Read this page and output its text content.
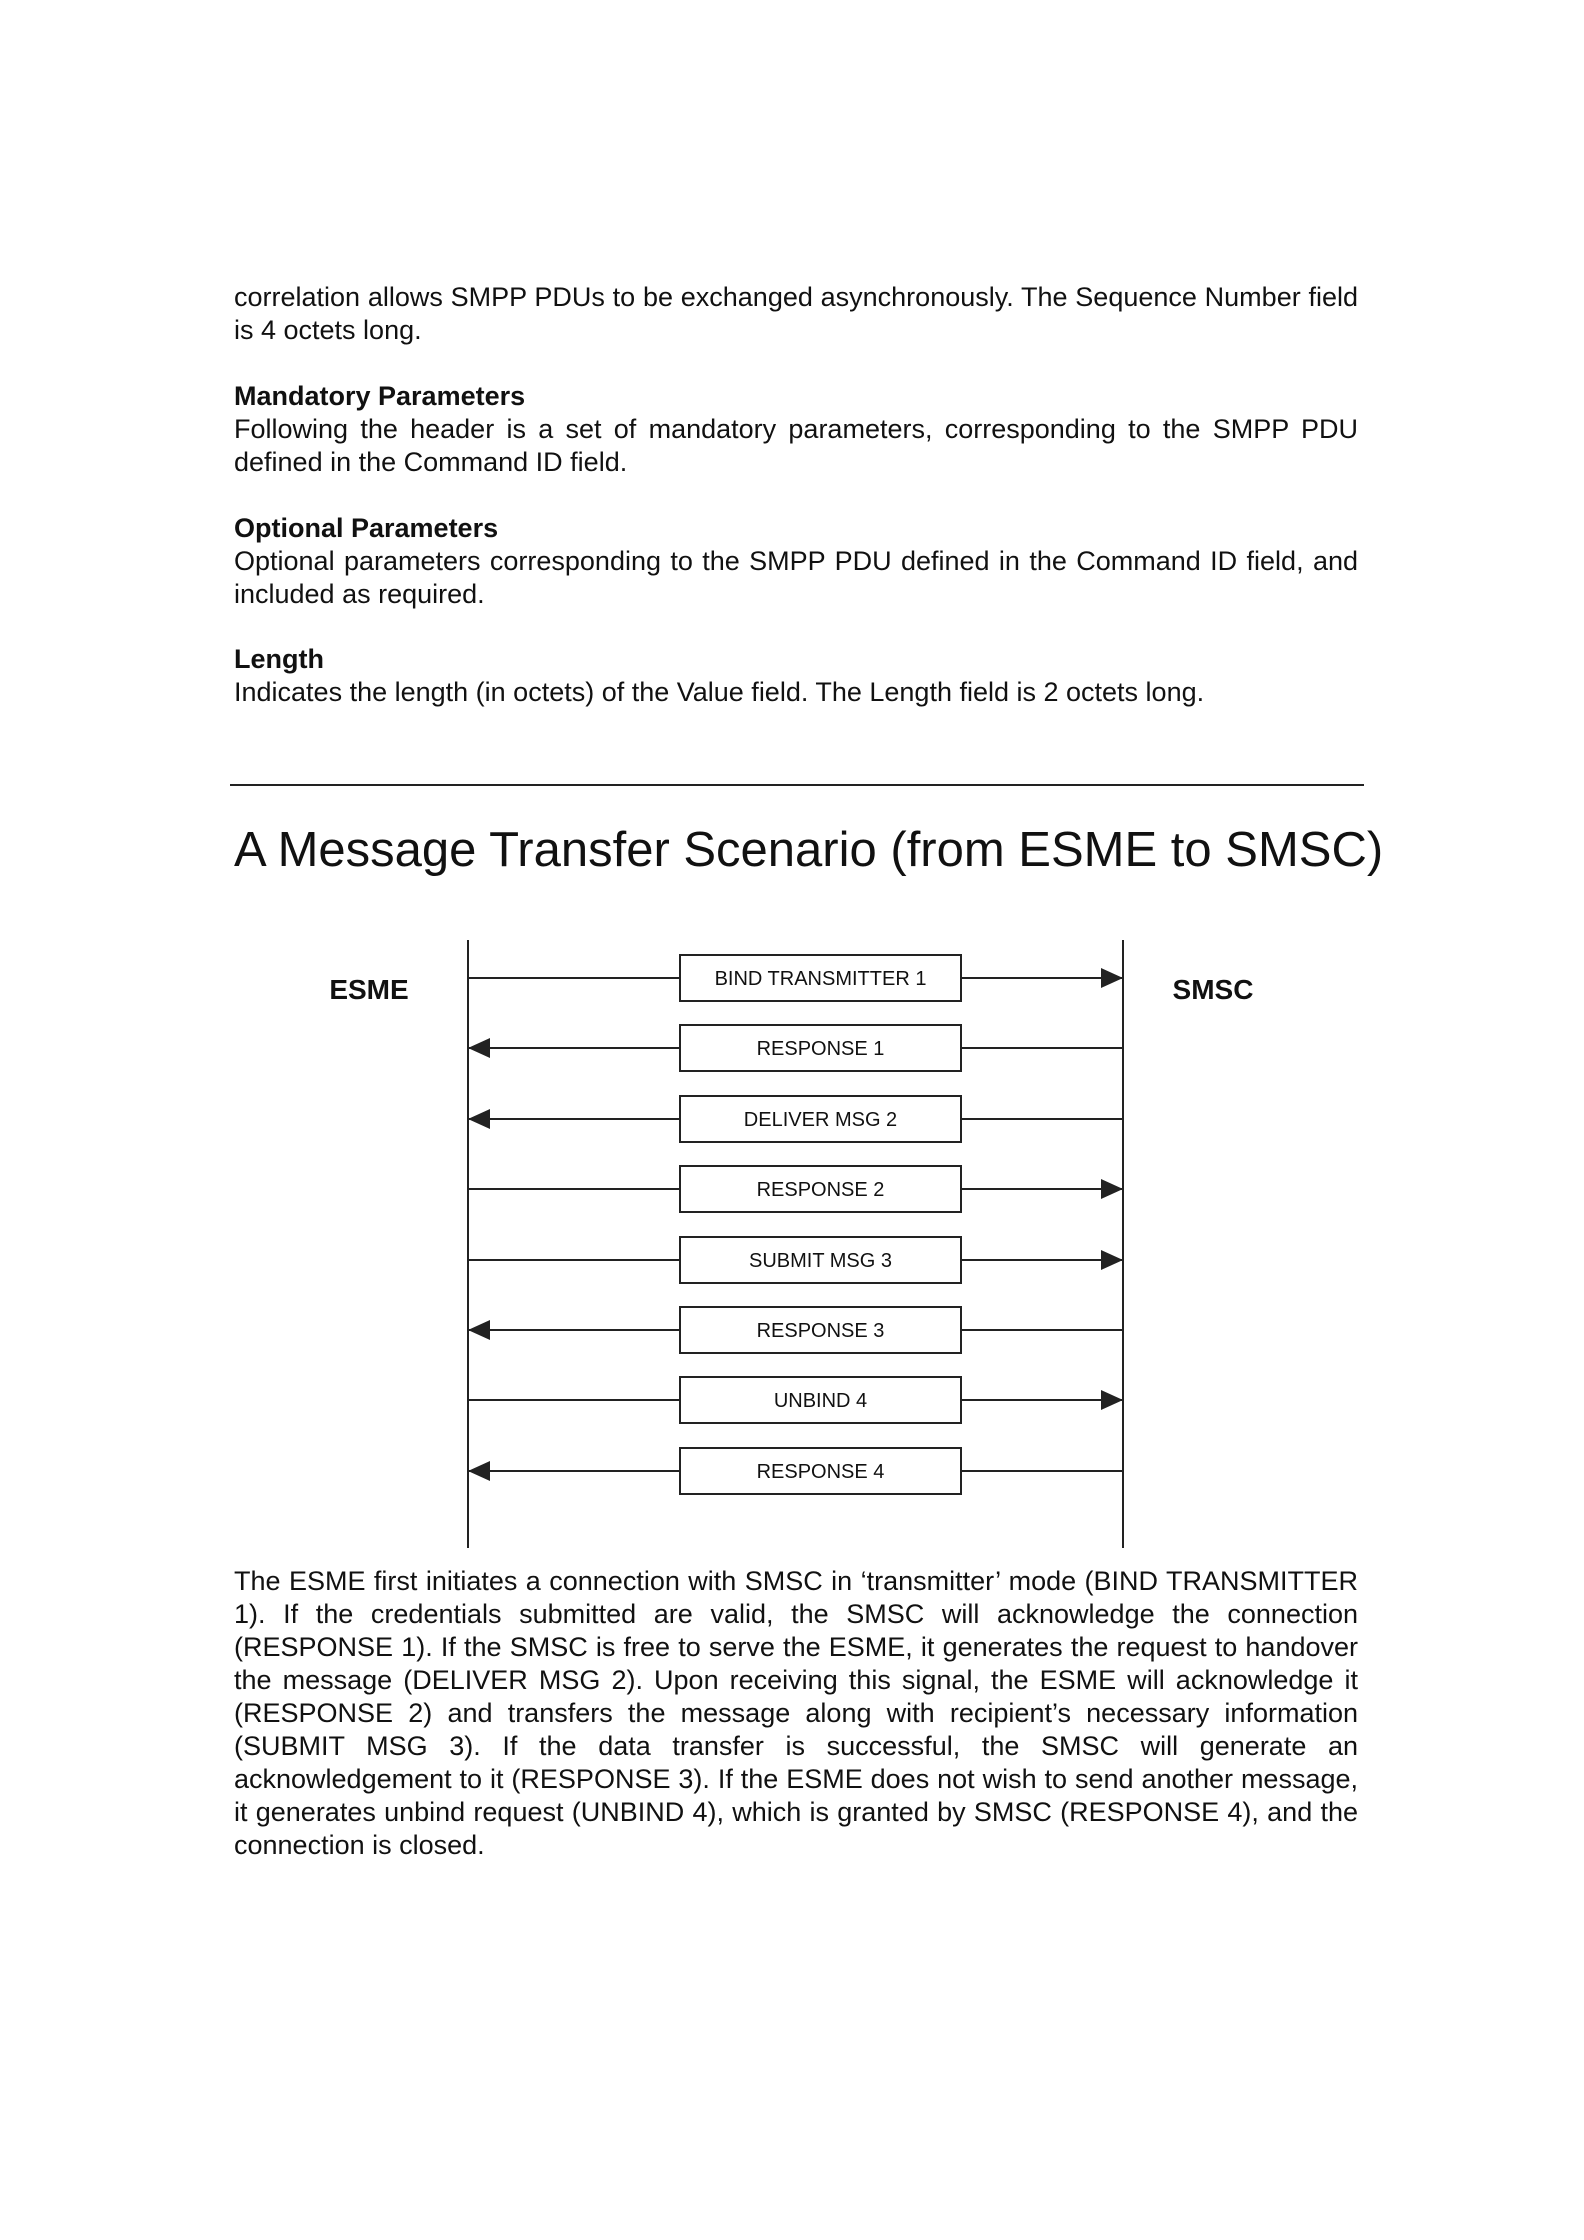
correlation allows SMPP PDUs to be exchanged asynchronously. The Sequence Number field is 4 octets long.

Mandatory Parameters

Following the header is a set of mandatory parameters, corresponding to the SMPP PDU defined in the Command ID field.

Optional Parameters

Optional parameters corresponding to the SMPP PDU defined in the Command ID field, and included as required.

Length

Indicates the length (in octets) of the Value field. The Length field is 2 octets long.

A Message Transfer Scenario (from ESME to SMSC)
ESME	SMSC
BIND TRANSMITTER 1
RESPONSE 1
DELIVER MSG 2
RESPONSE 2
SUBMIT MSG 3
RESPONSE 3
UNBIND 4
RESPONSE 4

The ESME first initiates a connection with SMSC in ‘transmitter’ mode (BIND TRANSMITTER 1). If the credentials submitted are valid, the SMSC will acknowledge the connection (RESPONSE 1). If the SMSC is free to serve the ESME, it generates the request to handover the message (DELIVER MSG 2). Upon receiving this signal, the ESME will acknowledge it (RESPONSE 2) and transfers the message along with recipient’s necessary information (SUBMIT MSG 3). If the data transfer is successful, the SMSC will generate an acknowledgement to it (RESPONSE 3). If the ESME does not wish to send another message, it generates unbind request (UNBIND 4), which is granted by SMSC (RESPONSE 4), and the connection is closed.
